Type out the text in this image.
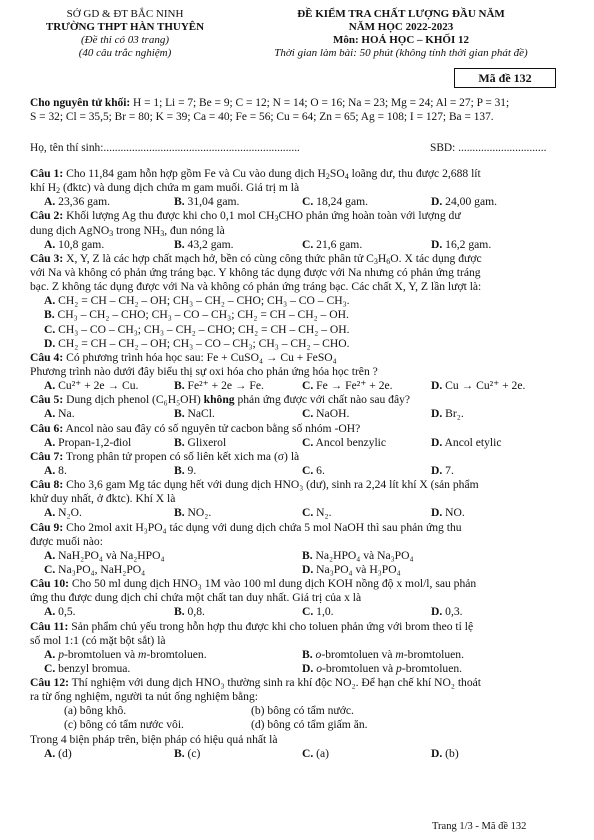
SỞ GD & ĐT BẮC NINH
TRƯỜNG THPT HÀN THUYÊN
(Đề thi có 03 trang)
(40 câu trắc nghiệm)
ĐỀ KIỂM TRA CHẤT LƯỢNG ĐẦU NĂM
NĂM HỌC 2022-2023
Môn: HOÁ HỌC – KHỐI 12
Thời gian làm bài: 50 phút (không tính thời gian phát đề)
Mã đề 132
Cho nguyên tử khối: H = 1; Li = 7; Be = 9; C = 12; N = 14; O = 16; Na = 23; Mg = 24; Al = 27; P = 31;
S = 32; Cl = 35,5; Br = 80; K = 39; Ca = 40; Fe = 56; Cu = 64; Zn = 65; Ag = 108; I = 127; Ba = 137.
Họ, tên thí sinh:.....................................................................	SBD: ...............................
Câu 1: Cho 11,84 gam hỗn hợp gồm Fe và Cu vào dung dịch $H_2SO_4$ loãng dư, thu được 2,688 lít
khí $H_2$ (đktc) và dung dịch chứa m gam muối. Giá trị m là
A. 23,36 gam.	B. 31,04 gam.	C. 18,24 gam.	D. 24,00 gam.
Câu 2: Khối lượng Ag thu được khi cho 0,1 mol $CH_3CHO$ phản ứng hoàn toàn với lượng dư
dung dịch AgNO$_3$ trong $NH_3$, đun nóng là
A. 10,8 gam.	B. 43,2 gam.	C. 21,6 gam.	D. 16,2 gam.
Câu 3: X, Y, Z là các hợp chất mạch hở, bền có cùng công thức phân tử $C_3H_6O$. X tác dụng được
với Na và không có phản ứng tráng bạc. Y không tác dụng được với Na nhưng có phản ứng tráng
bạc. Z không tác dụng được với Na và không có phản ứng tráng bạc. Các chất X, Y, Z lần lượt là:
A. CH₂ = CH – CH₂ – OH; CH₃ – CH₂ – CHO; CH₃ – CO – CH₃.
B. CH₃ – CH₂ – CHO; CH₃ – CO – CH₃; CH₂ = CH – CH₂ – OH.
C. CH₃ – CO – CH₃; CH₃ – CH₂ – CHO; CH₂ = CH – CH₂ – OH.
D. CH₂ = CH – CH₂ – OH; CH₃ – CO – CH₃; CH₃ – CH₂ – CHO.
Câu 4: Có phương trình hóa học sau: Fe + CuSO₄ → Cu + FeSO₄
Phương trình nào dưới đây biểu thị sự oxi hóa cho phản ứng hóa học trên ?
A. Cu²⁺ + 2e → Cu.	B. Fe²⁺ + 2e → Fe.	C. Fe → Fe²⁺ + 2e.	D. Cu → Cu²⁺ + 2e.
Câu 5: Dung dịch phenol (C₆H₅OH) không phản ứng được với chất nào sau đây?
A. Na.	B. NaCl.	C. NaOH.	D. Br₂.
Câu 6: Ancol nào sau đây có số nguyên tử cacbon bằng số nhóm -OH?
A. Propan-1,2-điol	B. Glixerol	C. Ancol benzylic	D. Ancol etylic
Câu 7: Trong phân tử propen có số liên kết xich ma (σ) là
A. 8.	B. 9.	C. 6.	D. 7.
Câu 8: Cho 3,6 gam Mg tác dụng hết với dung dịch HNO₃ (dư), sinh ra 2,24 lít khí X (sản phẩm
khử duy nhất, ở đktc). Khí X là
A. N₂O.	B. NO₂.	C. N₂.	D. NO.
Câu 9: Cho 2mol axit H₃PO₄ tác dụng với dung dịch chứa 5 mol NaOH thì sau phản ứng thu
được muối nào:
A. NaH₂PO₄ và Na₂HPO₄	B. Na₂HPO₄ và Na₃PO₄
C. Na₃PO₄, NaH₂PO₄	D. Na₃PO₄ và H₃PO₄
Câu 10: Cho 50 ml dung dịch HNO₃ 1M vào 100 ml dung dịch KOH nồng độ x mol/l, sau phản
ứng thu được dung dịch chỉ chứa một chất tan duy nhất. Giá trị của x là
A. 0,5.	B. 0,8.	C. 1,0.	D. 0,3.
Câu 11: Sản phẩm chủ yếu trong hỗn hợp thu được khi cho toluen phản ứng với brom theo tỉ lệ
số mol 1:1 (có mặt bột sắt) là
A. p-bromtoluen và m-bromtoluen.	B. o-bromtoluen và m-bromtoluen.
C. benzyl bromua.	D. o-bromtoluen và p-bromtoluen.
Câu 12: Thí nghiệm với dung dịch HNO₃ thường sinh ra khí độc NO₂. Để hạn chế khí NO₂ thoát
ra từ ống nghiệm, người ta nút ống nghiệm bằng:
(a) bông khô.	(b) bông có tẩm nước.
(c) bông có tẩm nước vôi.	(d) bông có tẩm giấm ăn.
Trong 4 biện pháp trên, biện pháp có hiệu quả nhất là
A. (d)	B. (c)	C. (a)	D. (b)
Trang 1/3 - Mã đề 132
